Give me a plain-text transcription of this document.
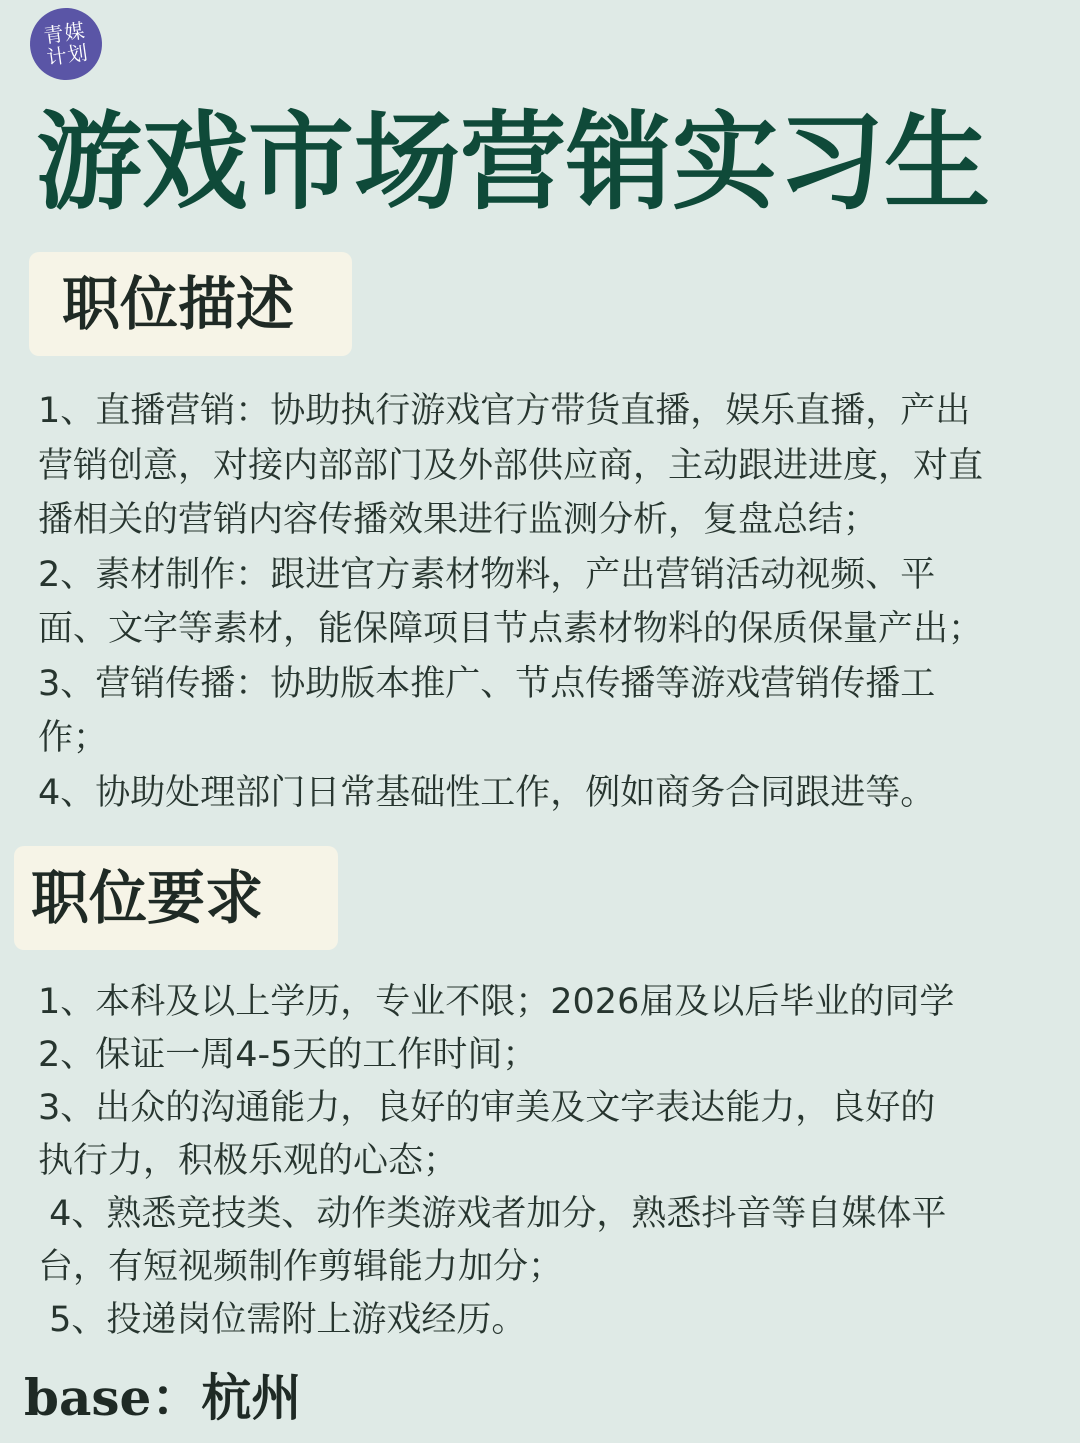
青媒
计划
游戏市场营销实习生
职位描述
1、直播营销：协助执行游戏官方带货直播，娱乐直播，产出
营销创意，对接内部部门及外部供应商，主动跟进进度，对直
播相关的营销内容传播效果进行监测分析，复盘总结；
2、素材制作：跟进官方素材物料，产出营销活动视频、平
面、文字等素材，能保障项目节点素材物料的保质保量产出；
3、营销传播：协助版本推广、节点传播等游戏营销传播工
作；
4、协助处理部门日常基础性工作，例如商务合同跟进等。
职位要求
1、本科及以上学历，专业不限；2026届及以后毕业的同学
2、保证一周4-5天的工作时间；
3、出众的沟通能力，良好的审美及文字表达能力，良好的
执行力，积极乐观的心态；
4、熟悉竞技类、动作类游戏者加分，熟悉抖音等自媒体平
台，有短视频制作剪辑能力加分；
5、投递岗位需附上游戏经历。
base：杭州
